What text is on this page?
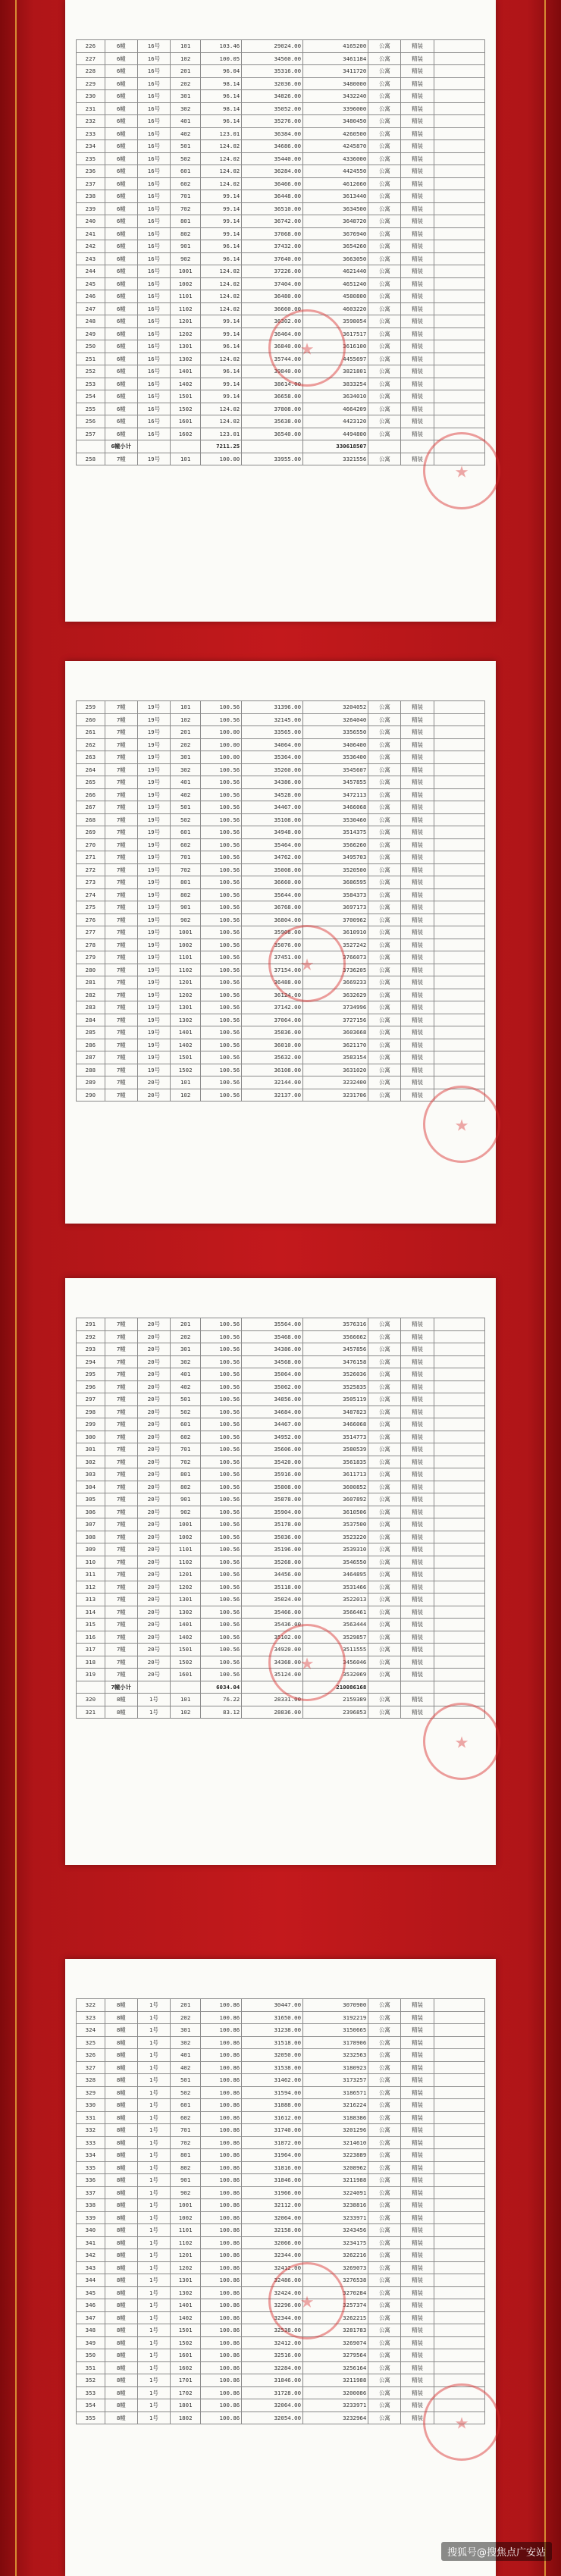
226	6幢	16号	101	103.46	29024.00	4165200	公寓	精装	
227	6幢	16号	102	100.05	34560.00	3461184	公寓	精装	
228	6幢	16号	201	96.04	35316.00	3411720	公寓	精装	
229	6幢	16号	202	98.14	32036.00	3480000	公寓	精装	
230	6幢	16号	301	96.14	34826.00	3432240	公寓	精装	
231	6幢	16号	302	98.14	35052.00	3396000	公寓	精装	
232	6幢	16号	401	96.14	35276.00	3480450	公寓	精装	
233	6幢	16号	402	123.01	36384.00	4260500	公寓	精装	
234	6幢	16号	501	124.02	34686.00	4245870	公寓	精装	
235	6幢	16号	502	124.02	35440.00	4336000	公寓	精装	
236	6幢	16号	601	124.02	36284.00	4424550	公寓	精装	
237	6幢	16号	602	124.02	36466.00	4612660	公寓	精装	
238	6幢	16号	701	99.14	36448.00	3613440	公寓	精装	
239	6幢	16号	702	99.14	36510.00	3634500	公寓	精装	
240	6幢	16号	801	99.14	36742.00	3648720	公寓	精装	
241	6幢	16号	802	99.14	37068.00	3676940	公寓	精装	
242	6幢	16号	901	96.14	37432.00	3654260	公寓	精装	
243	6幢	16号	902	96.14	37640.00	3663050	公寓	精装	
244	6幢	16号	1001	124.02	37226.00	4621440	公寓	精装	
245	6幢	16号	1002	124.02	37404.00	4651240	公寓	精装	
246	6幢	16号	1101	124.02	36480.00	4580800	公寓	精装	
247	6幢	16号	1102	124.02	36660.00	4603220	公寓	精装	
248	6幢	16号	1201	99.14	36302.00	3598054	公寓	精装	
249	6幢	16号	1202	99.14	36464.00	3617517	公寓	精装	
250	6幢	16号	1301	96.14	36840.00	3616100	公寓	精装	
251	6幢	16号	1302	124.02	35744.00	4455697	公寓	精装	
252	6幢	16号	1401	96.14	39840.00	3821801	公寓	精装	
253	6幢	16号	1402	99.14	38614.00	3833254	公寓	精装	
254	6幢	16号	1501	99.14	36658.00	3634010	公寓	精装	
255	6幢	16号	1502	124.02	37808.00	4664209	公寓	精装	
256	6幢	16号	1601	124.02	35638.00	4423120	公寓	精装	
257	6幢	16号	1602	123.01	36540.00	4494800	公寓	精装	
	6幢小计			7211.25		330618507			
258	7幢	19号	101	100.00	33955.00	3321556	公寓	精装	
★
★
259	7幢	19号	101	100.56	31396.00	3204052	公寓	精装	
260	7幢	19号	102	100.56	32145.00	3264040	公寓	精装	
261	7幢	19号	201	100.00	33565.00	3356550	公寓	精装	
262	7幢	19号	202	100.00	34064.00	3406400	公寓	精装	
263	7幢	19号	301	100.00	35364.00	3536400	公寓	精装	
264	7幢	19号	302	100.56	35260.00	3545607	公寓	精装	
265	7幢	19号	401	100.56	34386.00	3457855	公寓	精装	
266	7幢	19号	402	100.56	34528.00	3472113	公寓	精装	
267	7幢	19号	501	100.56	34467.00	3466068	公寓	精装	
268	7幢	19号	502	100.56	35108.00	3530460	公寓	精装	
269	7幢	19号	601	100.56	34948.00	3514375	公寓	精装	
270	7幢	19号	602	100.56	35464.00	3566260	公寓	精装	
271	7幢	19号	701	100.56	34762.00	3495703	公寓	精装	
272	7幢	19号	702	100.56	35008.00	3520500	公寓	精装	
273	7幢	19号	801	100.56	36660.00	3686595	公寓	精装	
274	7幢	19号	802	100.56	35644.00	3584373	公寓	精装	
275	7幢	19号	901	100.56	36768.00	3697173	公寓	精装	
276	7幢	19号	902	100.56	36804.00	3700962	公寓	精装	
277	7幢	19号	1001	100.56	35908.00	3610910	公寓	精装	
278	7幢	19号	1002	100.56	35076.00	3527242	公寓	精装	
279	7幢	19号	1101	100.56	37451.00	3766073	公寓	精装	
280	7幢	19号	1102	100.56	37154.00	3736205	公寓	精装	
281	7幢	19号	1201	100.56	36488.00	3669233	公寓	精装	
282	7幢	19号	1202	100.56	36124.00	3632629	公寓	精装	
283	7幢	19号	1301	100.56	37142.00	3734996	公寓	精装	
284	7幢	19号	1302	100.56	37064.00	3727156	公寓	精装	
285	7幢	19号	1401	100.56	35836.00	3603668	公寓	精装	
286	7幢	19号	1402	100.56	36010.00	3621170	公寓	精装	
287	7幢	19号	1501	100.56	35632.00	3583154	公寓	精装	
288	7幢	19号	1502	100.56	36108.00	3631020	公寓	精装	
289	7幢	20号	101	100.56	32144.00	3232400	公寓	精装	
290	7幢	20号	102	100.56	32137.00	3231706	公寓	精装	
★
★
291	7幢	20号	201	100.56	35564.00	3576316	公寓	精装	
292	7幢	20号	202	100.56	35468.00	3566662	公寓	精装	
293	7幢	20号	301	100.56	34386.00	3457856	公寓	精装	
294	7幢	20号	302	100.56	34568.00	3476158	公寓	精装	
295	7幢	20号	401	100.56	35064.00	3526036	公寓	精装	
296	7幢	20号	402	100.56	35062.00	3525835	公寓	精装	
297	7幢	20号	501	100.56	34856.00	3505119	公寓	精装	
298	7幢	20号	502	100.56	34684.00	3487823	公寓	精装	
299	7幢	20号	601	100.56	34467.00	3466068	公寓	精装	
300	7幢	20号	602	100.56	34952.00	3514773	公寓	精装	
301	7幢	20号	701	100.56	35606.00	3580539	公寓	精装	
302	7幢	20号	702	100.56	35420.00	3561835	公寓	精装	
303	7幢	20号	801	100.56	35916.00	3611713	公寓	精装	
304	7幢	20号	802	100.56	35808.00	3600852	公寓	精装	
305	7幢	20号	901	100.56	35878.00	3607892	公寓	精装	
306	7幢	20号	902	100.56	35904.00	3610506	公寓	精装	
307	7幢	20号	1001	100.56	35178.00	3537500	公寓	精装	
308	7幢	20号	1002	100.56	35036.00	3523220	公寓	精装	
309	7幢	20号	1101	100.56	35196.00	3539310	公寓	精装	
310	7幢	20号	1102	100.56	35268.00	3546550	公寓	精装	
311	7幢	20号	1201	100.56	34456.00	3464895	公寓	精装	
312	7幢	20号	1202	100.56	35118.00	3531466	公寓	精装	
313	7幢	20号	1301	100.56	35024.00	3522013	公寓	精装	
314	7幢	20号	1302	100.56	35466.00	3566461	公寓	精装	
315	7幢	20号	1401	100.56	35436.00	3563444	公寓	精装	
316	7幢	20号	1402	100.56	35102.00	3529857	公寓	精装	
317	7幢	20号	1501	100.56	34920.00	3511555	公寓	精装	
318	7幢	20号	1502	100.56	34368.00	3456046	公寓	精装	
319	7幢	20号	1601	100.56	35124.00	3532069	公寓	精装	
	7幢小计			6034.04		210086168			
320	8幢	1号	101	76.22	28331.00	2159389	公寓	精装	
321	8幢	1号	102	83.12	28836.00	2396853	公寓	精装	
★
★
322	8幢	1号	201	100.86	30447.00	3070900	公寓	精装	
323	8幢	1号	202	100.86	31650.00	3192219	公寓	精装	
324	8幢	1号	301	100.86	31238.00	3150665	公寓	精装	
325	8幢	1号	302	100.86	31518.00	3178906	公寓	精装	
326	8幢	1号	401	100.86	32050.00	3232563	公寓	精装	
327	8幢	1号	402	100.86	31538.00	3180923	公寓	精装	
328	8幢	1号	501	100.86	31462.00	3173257	公寓	精装	
329	8幢	1号	502	100.86	31594.00	3186571	公寓	精装	
330	8幢	1号	601	100.86	31888.00	3216224	公寓	精装	
331	8幢	1号	602	100.86	31612.00	3188386	公寓	精装	
332	8幢	1号	701	100.86	31740.00	3201296	公寓	精装	
333	8幢	1号	702	100.86	31872.00	3214610	公寓	精装	
334	8幢	1号	801	100.86	31964.00	3223889	公寓	精装	
335	8幢	1号	802	100.86	31816.00	3208962	公寓	精装	
336	8幢	1号	901	100.86	31846.00	3211988	公寓	精装	
337	8幢	1号	902	100.86	31966.00	3224091	公寓	精装	
338	8幢	1号	1001	100.86	32112.00	3238816	公寓	精装	
339	8幢	1号	1002	100.86	32064.00	3233971	公寓	精装	
340	8幢	1号	1101	100.86	32158.00	3243456	公寓	精装	
341	8幢	1号	1102	100.86	32066.00	3234175	公寓	精装	
342	8幢	1号	1201	100.86	32344.00	3262216	公寓	精装	
343	8幢	1号	1202	100.86	32412.00	3269073	公寓	精装	
344	8幢	1号	1301	100.86	32486.00	3276538	公寓	精装	
345	8幢	1号	1302	100.86	32424.00	3270284	公寓	精装	
346	8幢	1号	1401	100.86	32296.00	3257374	公寓	精装	
347	8幢	1号	1402	100.86	32344.00	3262215	公寓	精装	
348	8幢	1号	1501	100.86	32538.00	3281783	公寓	精装	
349	8幢	1号	1502	100.86	32412.00	3269074	公寓	精装	
350	8幢	1号	1601	100.86	32516.00	3279564	公寓	精装	
351	8幢	1号	1602	100.86	32284.00	3256164	公寓	精装	
352	8幢	1号	1701	100.86	31846.00	3211988	公寓	精装	
353	8幢	1号	1702	100.86	31728.00	3200086	公寓	精装	
354	8幢	1号	1801	100.86	32064.00	3233971	公寓	精装	
355	8幢	1号	1802	100.86	32054.00	3232964	公寓	精装	
★
★
搜狐号@搜焦点广安站
